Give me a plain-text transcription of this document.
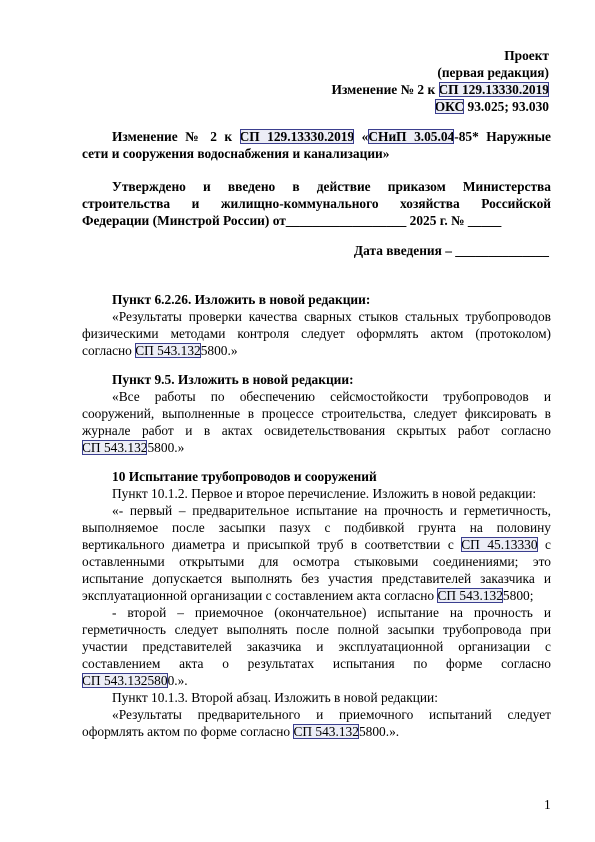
Проект

(первая редакция)

Изменение № 2 к СП 129.13330.2019

ОКС 93.025; 93.030

Изменение № 2 к СП 129.13330.2019 «СНиП 3.05.04-85* Наружные

сети и сооружения водоснабжения и канализации»

Утверждено и введено в действие приказом Министерства

строительства и жилищно-коммунального хозяйства Российской

Федерации (Минстрой России) от__________________ 2025 г. № _____

Дата введения – ______________

Пункт 6.2.26. Изложить в новой редакции:

«Результаты проверки качества сварных стыков стальных трубопроводов

физическими методами контроля следует оформлять актом (протоколом)

согласно СП 543.1325800.»

Пункт 9.5. Изложить в новой редакции:

«Все работы по обеспечению сейсмостойкости трубопроводов и

сооружений, выполненные в процессе строительства, следует фиксировать в

журнале работ и в актах освидетельствования скрытых работ согласно

СП 543.1325800.»

10 Испытание трубопроводов и сооружений

Пункт 10.1.2. Первое и второе перечисление. Изложить в новой редакции:

«- первый – предварительное испытание на прочность и герметичность,

выполняемое после засыпки пазух с подбивкой грунта на половину

вертикального диаметра и присыпкой труб в соответствии с СП 45.13330 с

оставленными открытыми для осмотра стыковыми соединениями; это

испытание допускается выполнять без участия представителей заказчика и

эксплуатационной организации с составлением акта согласно СП 543.1325800;

- второй – приемочное (окончательное) испытание на прочность и

герметичность следует выполнять после полной засыпки трубопровода при

участии представителей заказчика и эксплуатационной организации с

составлением акта о результатах испытания по форме согласно

СП 543.1325800.».

Пункт 10.1.3. Второй абзац. Изложить в новой редакции:

«Результаты предварительного и приемочного испытаний следует

оформлять актом по форме согласно СП 543.1325800.».

1
